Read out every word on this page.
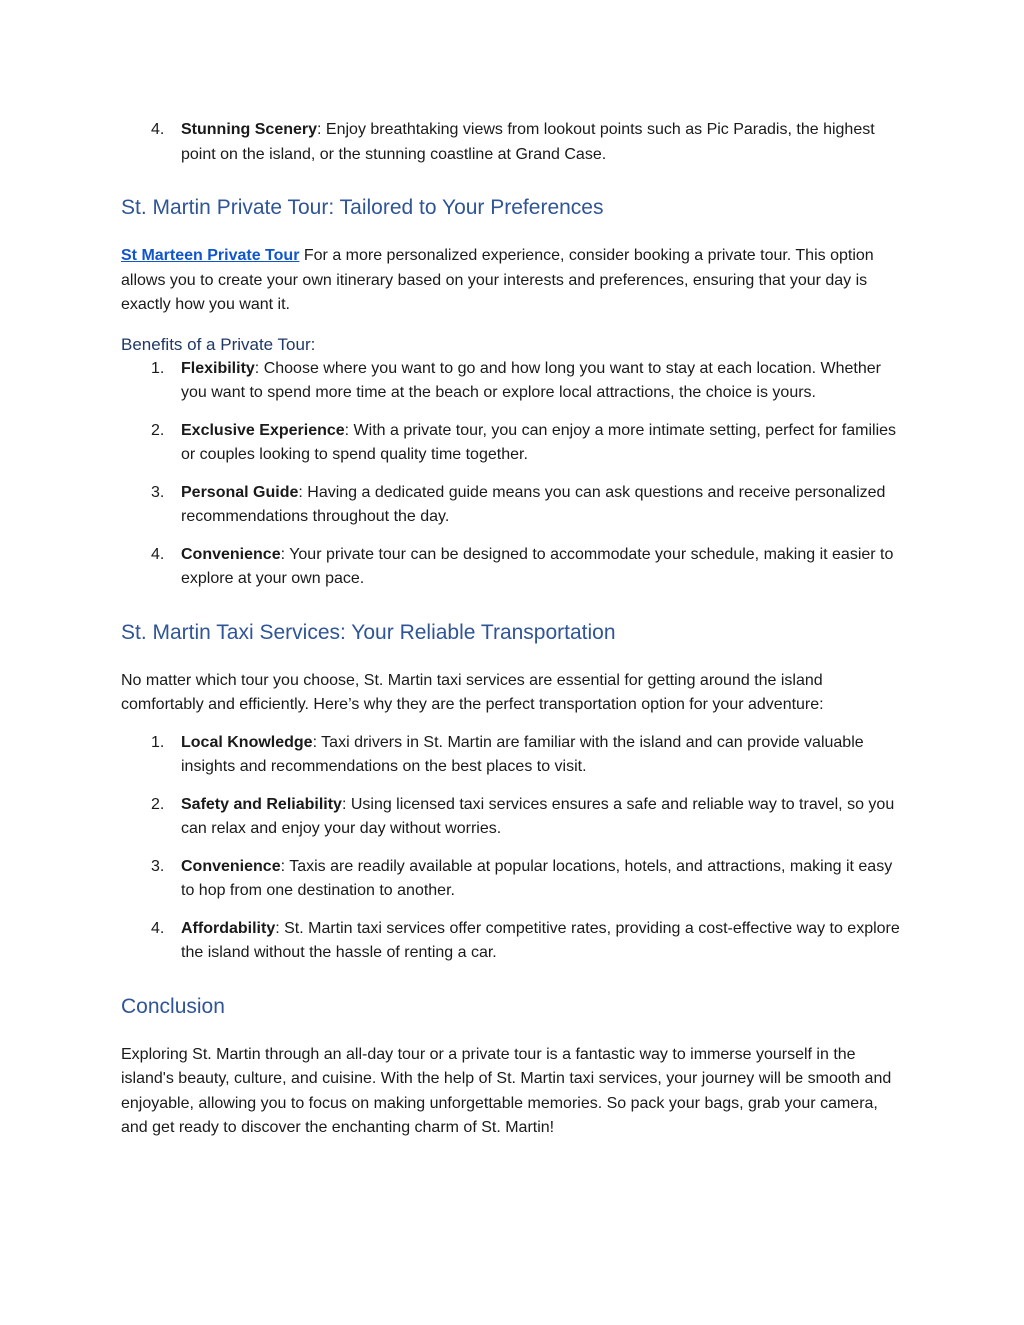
4. Stunning Scenery: Enjoy breathtaking views from lookout points such as Pic Paradis, the highest point on the island, or the stunning coastline at Grand Case.
St. Martin Private Tour: Tailored to Your Preferences

St Marteen Private Tour For a more personalized experience, consider booking a private tour. This option allows you to create your own itinerary based on your interests and preferences, ensuring that your day is exactly how you want it.

Benefits of a Private Tour:
1. Flexibility: Choose where you want to go and how long you want to stay at each location. Whether you want to spend more time at the beach or explore local attractions, the choice is yours.
2. Exclusive Experience: With a private tour, you can enjoy a more intimate setting, perfect for families or couples looking to spend quality time together.
3. Personal Guide: Having a dedicated guide means you can ask questions and receive personalized recommendations throughout the day.
4. Convenience: Your private tour can be designed to accommodate your schedule, making it easier to explore at your own pace.
St. Martin Taxi Services: Your Reliable Transportation

No matter which tour you choose, St. Martin taxi services are essential for getting around the island comfortably and efficiently. Here’s why they are the perfect transportation option for your adventure:

1. Local Knowledge: Taxi drivers in St. Martin are familiar with the island and can provide valuable insights and recommendations on the best places to visit.
2. Safety and Reliability: Using licensed taxi services ensures a safe and reliable way to travel, so you can relax and enjoy your day without worries.
3. Convenience: Taxis are readily available at popular locations, hotels, and attractions, making it easy to hop from one destination to another.
4. Affordability: St. Martin taxi services offer competitive rates, providing a cost-effective way to explore the island without the hassle of renting a car.
Conclusion

Exploring St. Martin through an all-day tour or a private tour is a fantastic way to immerse yourself in the island's beauty, culture, and cuisine. With the help of St. Martin taxi services, your journey will be smooth and enjoyable, allowing you to focus on making unforgettable memories. So pack your bags, grab your camera, and get ready to discover the enchanting charm of St. Martin!
